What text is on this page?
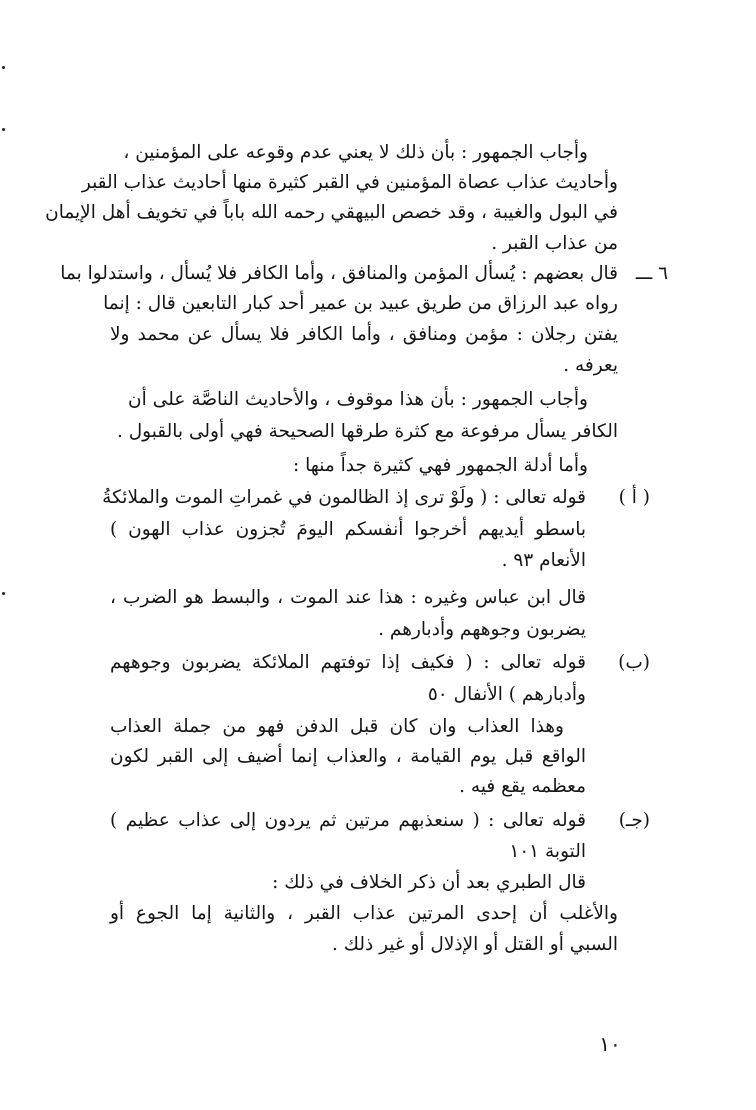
وأجاب الجمهور : بأن ذلك لا يعني عدم وقوعه على المؤمنين ،
وأحاديث عذاب عصاة المؤمنين في القبر كثيرة منها أحاديث عذاب القبر
في البول والغيبة ، وقد خصص البيهقي رحمه الله باباً في تخويف أهل الإيمان
من عذاب القبر .
٦ ـــ
قال بعضهم : يُسأل المؤمن والمنافق ، وأما الكافر فلا يُسأل ، واستدلوا بما
رواه عبد الرزاق من طريق عبيد بن عمير أحد كبار التابعين قال : إنما
يفتن رجلان : مؤمن ومنافق ، وأما الكافر فلا يسأل عن محمد ولا
يعرفه .
وأجاب الجمهور : بأن هذا موقوف ، والأحاديث الناصَّة على أن
الكافر يسأل مرفوعة مع كثرة طرقها الصحيحة فهي أولى بالقبول .
وأما أدلة الجمهور فهي كثيرة جداً منها :
( أ )
قوله تعالى : ( ولَوْ ترى إذ الظالمون في غمراتِ الموت والملائكةُ
باسطو أيديهم أخرجوا أنفسكم اليومَ تُجزون عذاب الهون )
الأنعام ٩٣ .
قال ابن عباس وغيره : هذا عند الموت ، والبسط هو الضرب ،
يضربون وجوههم وأدبارهم .
(ب)
قوله تعالى : ( فكيف إذا توفتهم الملائكة يضربون وجوههم
وأدبارهم ) الأنفال ٥٠
وهذا العذاب وان كان قبل الدفن فهو من جملة العذاب
الواقع قبل يوم القيامة ، والعذاب إنما أضيف إلى القبر لكون
معظمه يقع فيه .
(جـ)
قوله تعالى : ( سنعذبهم مرتين ثم يردون إلى عذاب عظيم )
التوبة ١٠١
قال الطبري بعد أن ذكر الخلاف في ذلك :
والأغلب أن إحدى المرتين عذاب القبر ، والثانية إما الجوع أو
السبي أو القتل أو الإذلال أو غير ذلك .
١٠
